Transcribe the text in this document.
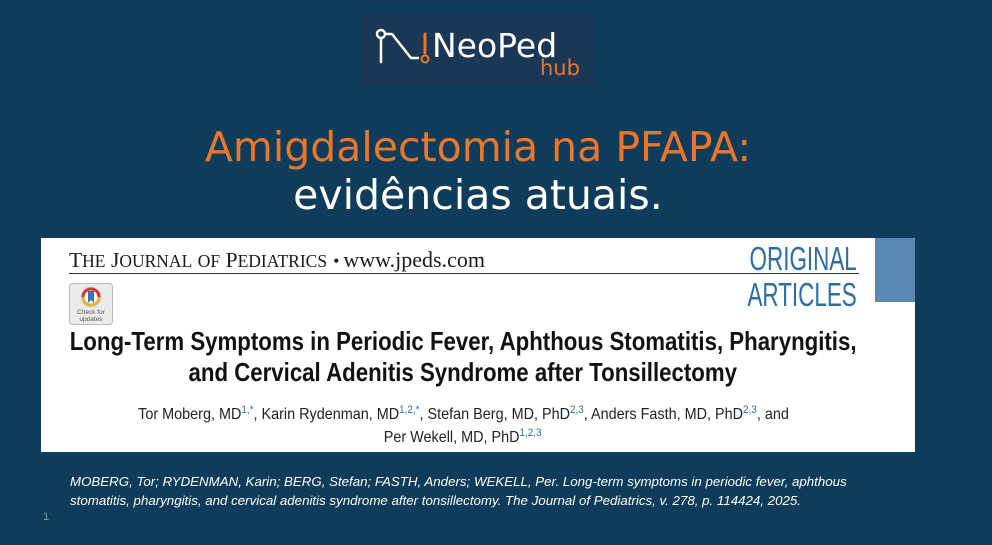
NeoPed
hub
Amigdalectomia na PFAPA:
evidências atuais.
THE JOURNAL OF PEDIATRICS • www.jpeds.com	ORIGINAL
ARTICLES
Check for
updates
Long-Term Symptoms in Periodic Fever, Aphthous Stomatitis, Pharyngitis,
and Cervical Adenitis Syndrome after Tonsillectomy
Tor Moberg, $MD^{1,*}$, Karin Rydenman, $MD^{1,2,*}$, Stefan Berg, MD, PhD$^{2,3}$, Anders Fasth, MD, PhD$^{2,3}$, and
Per Wekell, MD, PhD$^{1,2,3}$
MOBERG, Tor; RYDENMAN, Karin; BERG, Stefan; FASTH, Anders; WEKELL, Per. Long-term symptoms in periodic fever, aphthous
stomatitis, pharyngitis, and cervical adenitis syndrome after tonsillectomy. The Journal of Pediatrics, v. 278, p. 114424, 2025.
1
